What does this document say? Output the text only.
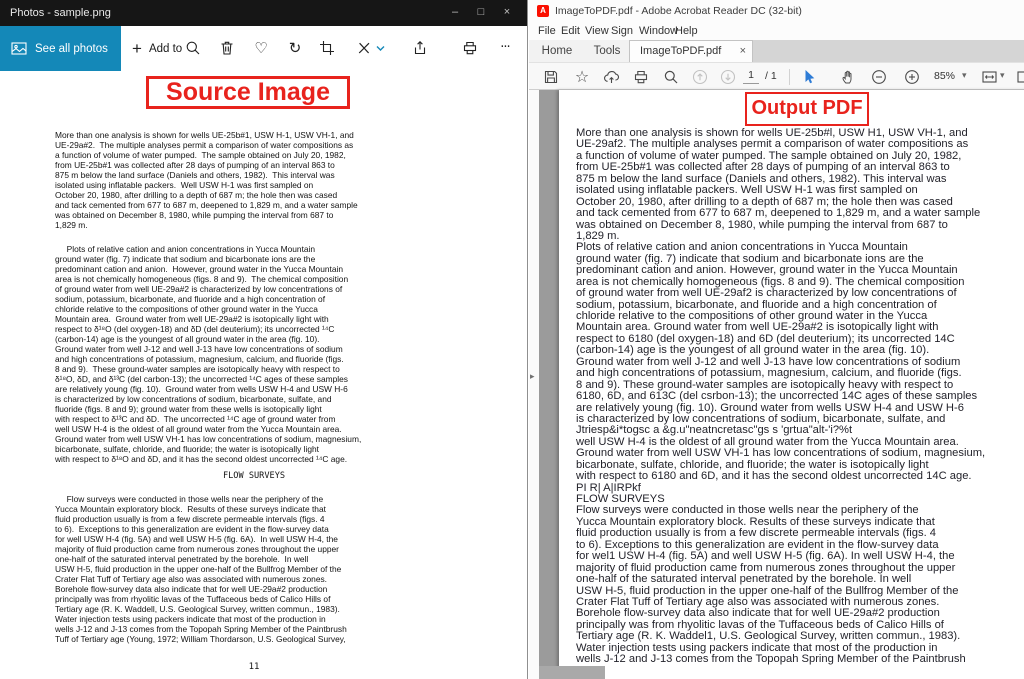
Photos - sample.png	–	□	×
See all photos + Add to	♡ ↻	···
Source Image
More than one analysis is shown for wells UE-25b#1, USW H-1, USW VH-1, and
UE-29a#2.  The multiple analyses permit a comparison of water compositions as
a function of volume of water pumped.  The sample obtained on July 20, 1982,
from UE-25b#1 was collected after 28 days of pumping of an interval 863 to
875 m below the land surface (Daniels and others, 1982).  This interval was
isolated using inflatable packers.  Well USW H-1 was first sampled on
October 20, 1980, after drilling to a depth of 687 m; the hole then was cased
and tack cemented from 677 to 687 m, deepened to 1,829 m, and a water sample
was obtained on December 8, 1980, while pumping the interval from 687 to
1,829 m.
Plots of relative cation and anion concentrations in Yucca Mountain
ground water (fig. 7) indicate that sodium and bicarbonate ions are the
predominant cation and anion.  However, ground water in the Yucca Mountain
area is not chemically homogeneous (figs. 8 and 9).  The chemical composition
of ground water from well UE-29a#2 is characterized by low concentrations of
sodium, potassium, bicarbonate, and fluoride and a high concentration of
chloride relative to the compositions of other ground water in the Yucca
Mountain area.  Ground water from well UE-29a#2 is isotopically light with
respect to δ¹⁸O (del oxygen-18) and δD (del deuterium); its uncorrected ¹⁴C
(carbon-14) age is the youngest of all ground water in the area (fig. 10).
Ground water from well J-12 and well J-13 have low concentrations of sodium
and high concentrations of potassium, magnesium, calcium, and fluoride (figs.
8 and 9).  These ground-water samples are isotopically heavy with respect to
δ¹⁸O, δD, and δ¹³C (del carbon-13); the uncorrected ¹⁴C ages of these samples
are relatively young (fig. 10).  Ground water from wells USW H-4 and USW H-6
is characterized by low concentrations of sodium, bicarbonate, sulfate, and
fluoride (figs. 8 and 9); ground water from these wells is isotopically light
with respect to δ¹³C and δD.  The uncorrected ¹⁴C age of ground water from
well USW H-4 is the oldest of all ground water from the Yucca Mountain area.
Ground water from well USW VH-1 has low concentrations of sodium, magnesium,
bicarbonate, sulfate, chloride, and fluoride; the water is isotopically light
with respect to δ¹⁸O and δD, and it has the second oldest uncorrected ¹⁴C age.
FLOW SURVEYS
Flow surveys were conducted in those wells near the periphery of the
Yucca Mountain exploratory block.  Results of these surveys indicate that
fluid production usually is from a few discrete permeable intervals (figs. 4
to 6).  Exceptions to this generalization are evident in the flow-survey data
for well USW H-4 (fig. 5A) and well USW H-5 (fig. 6A).  In well USW H-4, the
majority of fluid production came from numerous zones throughout the upper
one-half of the saturated interval penetrated by the borehole.  In well
USW H-5, fluid production in the upper one-half of the Bullfrog Member of the
Crater Flat Tuff of Tertiary age also was associated with numerous zones.
Borehole flow-survey data also indicate that for well UE-29a#2 production
principally was from rhyolitic lavas of the Tuffaceous beds of Calico Hills of
Tertiary age (R. K. Waddell, U.S. Geological Survey, written commun., 1983).
Water injection tests using packers indicate that most of the production in
wells J-12 and J-13 comes from the Topopah Spring Member of the Paintbrush
Tuff of Tertiary age (Young, 1972; William Thordarson, U.S. Geological Survey,
11
A ImageToPDF.pdf - Adobe Acrobat Reader DC (32-bit)
File Edit View Sign Window
Help
Home	Tools	ImageToPDF.pdf ×
☆	1	/ 1	85% ▾	▾
▸
Output PDF
More than one analysis is shown for wells UE-25b#l, USW H1, USW VH-1, and
UE-29af2. The multiple analyses permit a comparison of water compositions as
a function of volume of water pumped. The sample obtained on July 20, 1982,
from UE-25b#1 was collected after 28 days of pumping of an interval 863 to
875 m below the land surface (Daniels and others, 1982). This interval was
isolated using inflatable packers. Well USW H-1 was first sampled on
October 20, 1980, after drilling to a depth of 687 m; the hole then was cased
and tack cemented from 677 to 687 m, deepened to 1,829 m, and a water sample
was obtained on December 8, 1980, while pumping the interval from 687 to
1,829 m.
Plots of relative cation and anion concentrations in Yucca Mountain
ground water (fig. 7) indicate that sodium and bicarbonate ions are the
predominant cation and anion. However, ground water in the Yucca Mountain
area is not chemically homogeneous (figs. 8 and 9). The chemical composition
of ground water from well UE-29af2 is characterized by low concentrations of
sodium, potassium, bicarbonate, and fluoride and a high concentration of
chloride relative to the compositions of other ground water in the Yucca
Mountain area. Ground water from well UE-29a#2 is isotopically light with
respect to 6180 (del oxygen-18) and 6D (del deuterium); its uncorrected 14C
(carbon-14) age is the youngest of all ground water in the area (fig. 10).
Ground water from well J-12 and well J-13 have low concentrations of sodium
and high concentrations of potassium, magnesium, calcium, and fluoride (figs.
8 and 9). These ground-water samples are isotopically heavy with respect to
6180, 6D, and 613C (del csrbon-13); the uncorrected 14C ages of these samples
are relatively young (fig. 10). Ground water from wells USW H-4 and USW H-6
is characterized by low concentrations of sodium, bicarbonate, sulfate, and
Jtriesp&i*togsc a &g.u"neatncretasc"gs s 'grtua"alt-'i?%t
well USW H-4 is the oldest of all ground water from the Yucca Mountain area.
Ground water from well USW VH-1 has low concentrations of sodium, magnesium,
bicarbonate, sulfate, chloride, and fluoride; the water is isotopically light
with respect to 6180 and 6D, and it has the second oldest uncorrected 14C age.
PI R| A|IRPkf
FLOW SURVEYS
Flow surveys were conducted in those wells near the periphery of the
Yucca Mountain exploratory block. Results of these surveys indicate that
fluid production usually is from a few discrete permeable intervals (figs. 4
to 6). Exceptions to this generalization are evident in the flow-survey data
for wel1 USW H-4 (fig. 5A) and well USW H-5 (fig. 6A). In well USW H-4, the
majority of fluid production came from numerous zones throughout the upper
one-half of the saturated interval penetrated by the borehole. In well
USW H-5, fluid production in the upper one-half of the Bullfrog Member of the
Crater Flat Tuff of Tertiary age also was associated with numerous zones.
Borehole flow-survey data also indicate that for well UE-29a#2 production
principally was from rhyolitic lavas of the Tuffaceous beds of Calico Hills of
Tertiary age (R. K. Waddel1, U.S. Geological Survey, written commun., 1983).
Water injection tests using packers indicate that most of the production in
wells J-12 and J-13 comes from the Topopah Spring Member of the Paintbrush
